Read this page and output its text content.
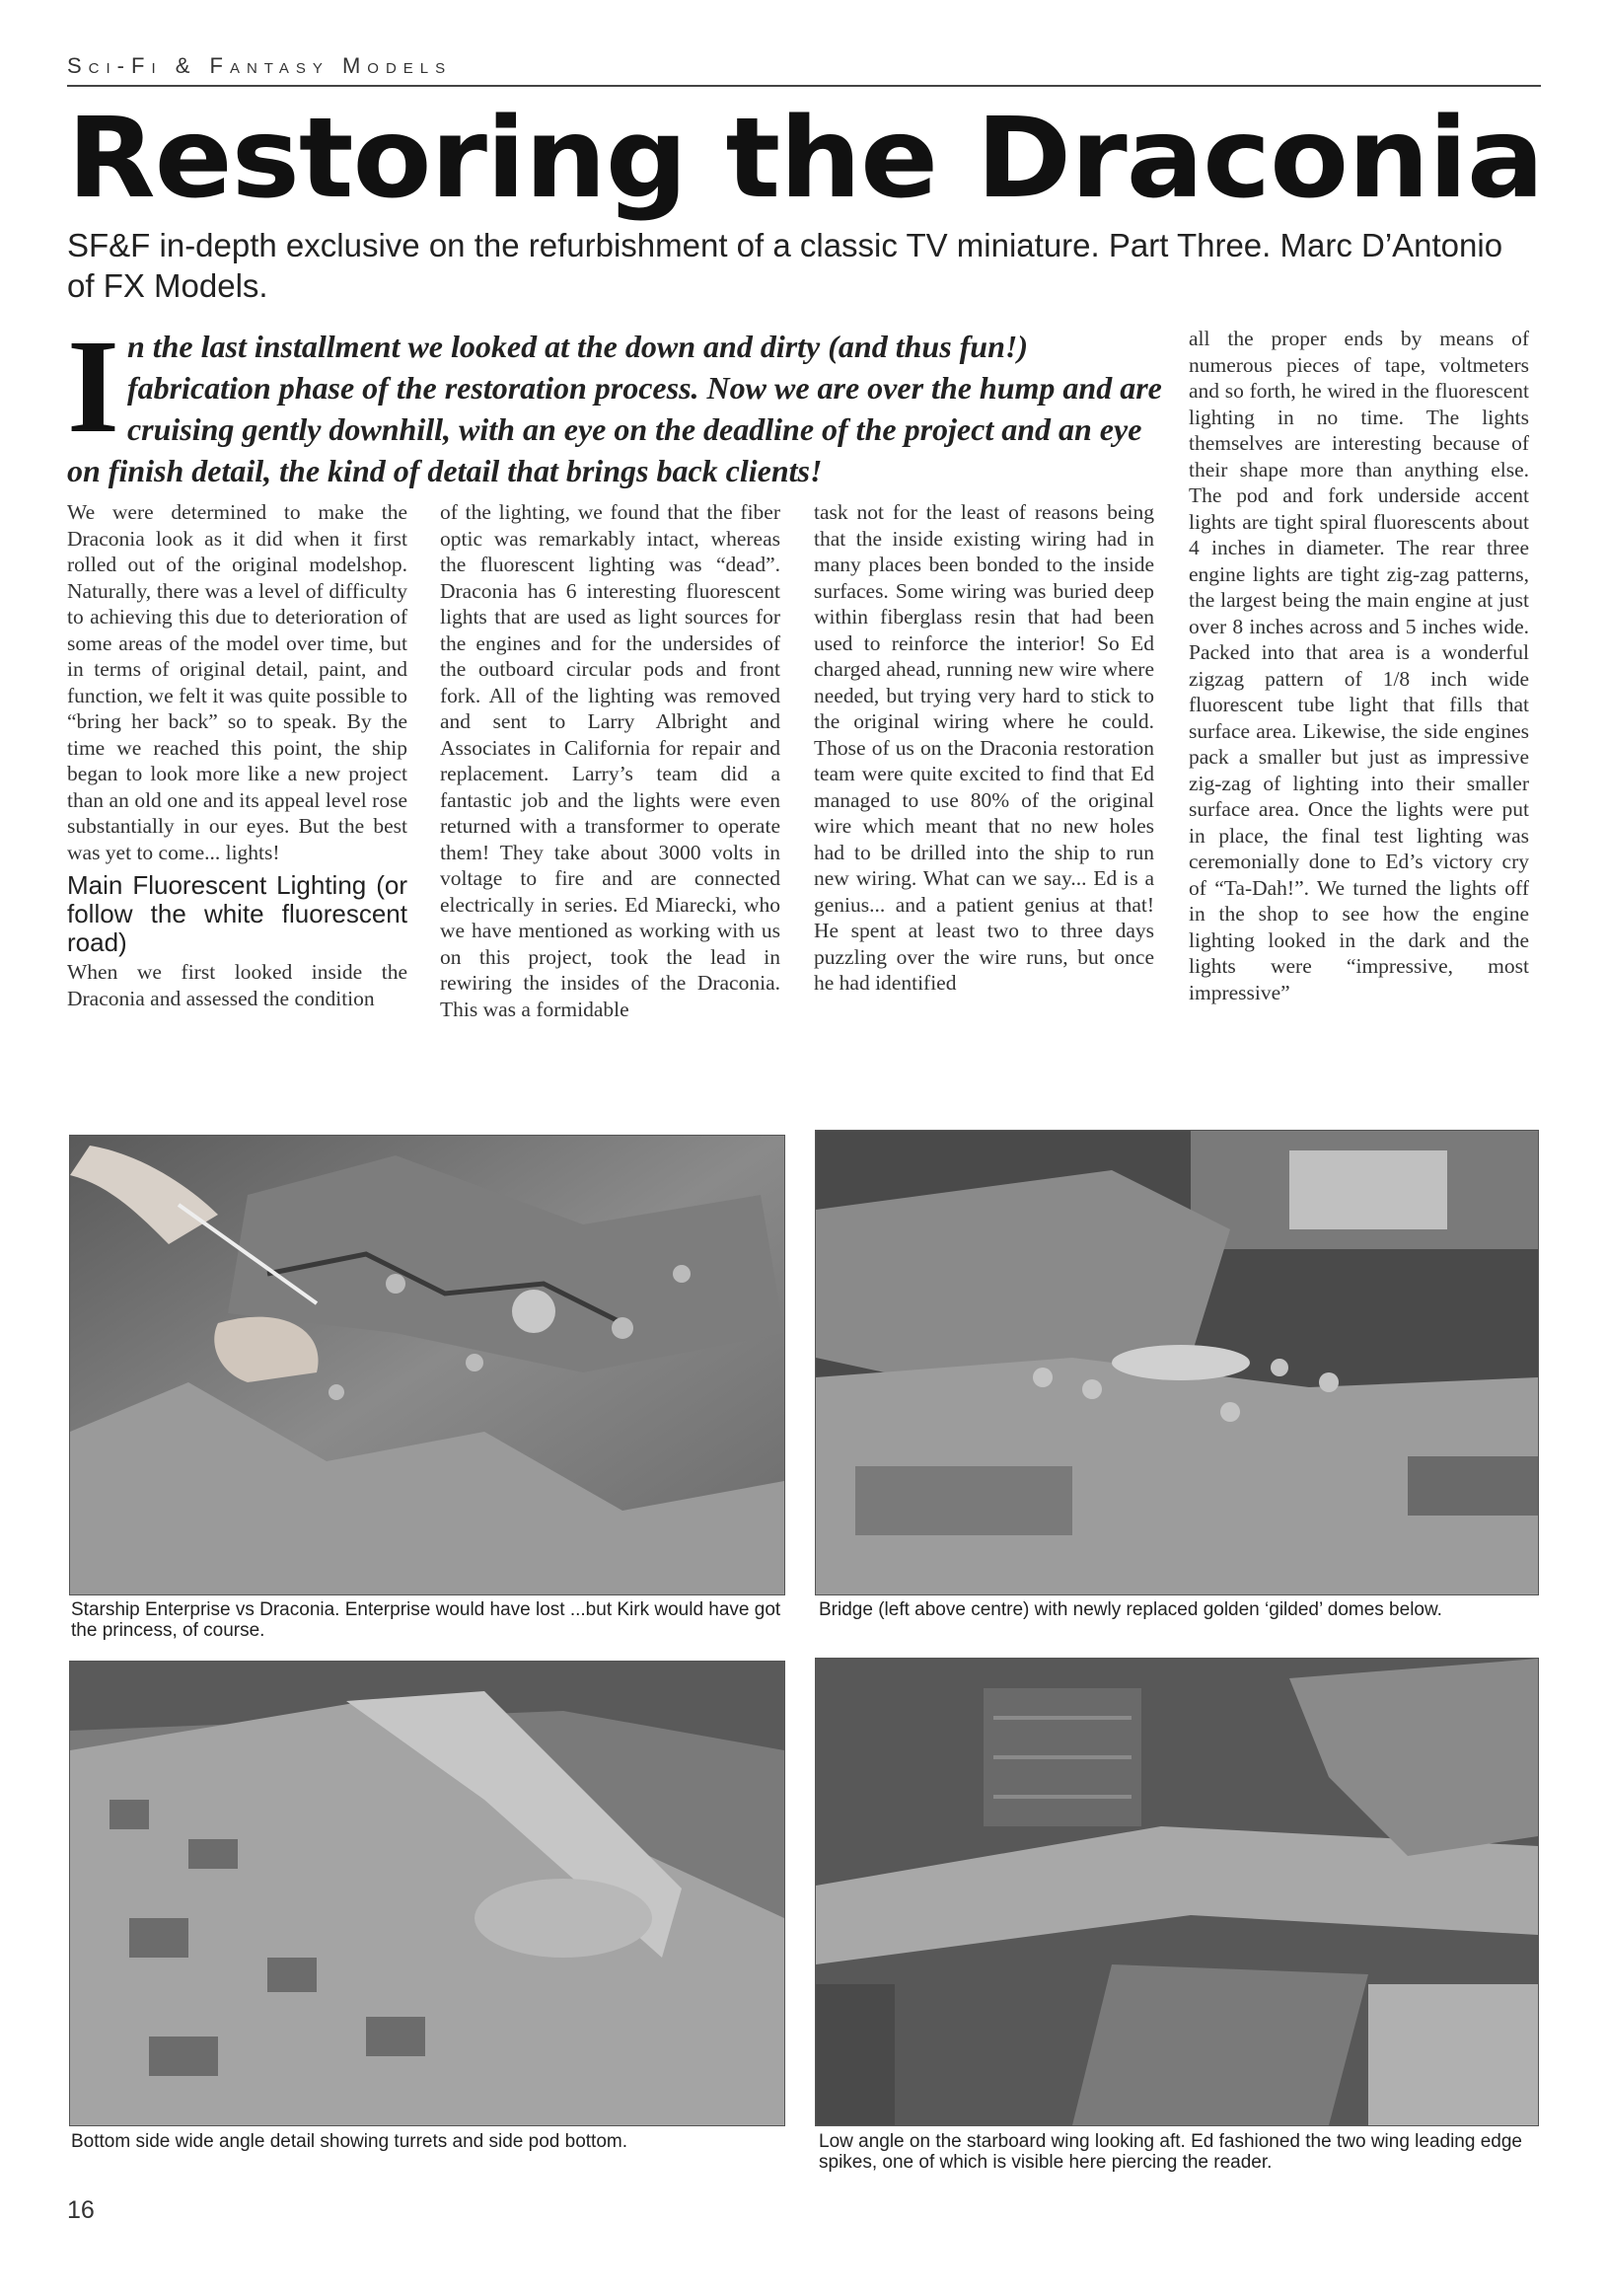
Sci-Fi & Fantasy Models
Restoring the Draconia
SF&F in-depth exclusive on the refurbishment of a classic TV miniature. Part Three. Marc D’Antonio of FX Models.
In the last installment we looked at the down and dirty (and thus fun!) fabrication phase of the restoration process. Now we are over the hump and are cruising gently downhill, with an eye on the deadline of the project and an eye on finish detail, the kind of detail that brings back clients!

We were determined to make the Draconia look as it did when it first rolled out of the original modelshop. Naturally, there was a level of difficulty to achieving this due to deterioration of some areas of the model over time, but in terms of original detail, paint, and function, we felt it was quite possible to “bring her back” so to speak. By the time we reached this point, the ship began to look more like a new project than an old one and its appeal level rose substantially in our eyes. But the best was yet to come... lights!

Main Fluorescent Lighting (or follow the white fluorescent road)

When we first looked inside the Draconia and assessed the condition

of the lighting, we found that the fiber optic was remarkably intact, whereas the fluorescent lighting was “dead”. Draconia has 6 interesting fluorescent lights that are used as light sources for the engines and for the undersides of the outboard circular pods and front fork. All of the lighting was removed and sent to Larry Albright and Associates in California for repair and replacement. Larry’s team did a fantastic job and the lights were even returned with a transformer to operate them! They take about 3000 volts in voltage to fire and are connected electrically in series. Ed Miarecki, who we have mentioned as working with us on this project, took the lead in rewiring the insides of the Draconia. This was a formidable

task not for the least of reasons being that the inside existing wiring had in many places been bonded to the inside surfaces. Some wiring was buried deep within fiberglass resin that had been used to reinforce the interior! So Ed charged ahead, running new wire where needed, but trying very hard to stick to the original wiring where he could. Those of us on the Draconia restoration team were quite excited to find that Ed managed to use 80% of the original wire which meant that no new holes had to be drilled into the ship to run new wiring. What can we say... Ed is a genius... and a patient genius at that! He spent at least two to three days puzzling over the wire runs, but once he had identified

all the proper ends by means of numerous pieces of tape, voltmeters and so forth, he wired in the fluorescent lighting in no time. The lights themselves are interesting because of their shape more than anything else. The pod and fork underside accent lights are tight spiral fluorescents about 4 inches in diameter. The rear three engine lights are tight zig-zag patterns, the largest being the main engine at just over 8 inches across and 5 inches wide. Packed into that area is a wonderful zigzag pattern of 1/8 inch wide fluorescent tube light that fills that surface area. Likewise, the side engines pack a smaller but just as impressive zig-zag of lighting into their smaller surface area. Once the lights were put in place, the final test lighting was ceremonially done to Ed’s victory cry of “Ta-Dah!”. We turned the lights off in the shop to see how the engine lighting looked in the dark and the lights were “impressive, most impressive”

Starship Enterprise vs Draconia. Enterprise would have lost ...but Kirk would have got the princess, of course.
Bridge (left above centre) with newly replaced golden ‘gilded’ domes below.
Bottom side wide angle detail showing turrets and side pod bottom.	Low angle on the starboard wing looking aft. Ed fashioned the two wing leading edge spikes, one of which is visible here piercing the reader.
16
